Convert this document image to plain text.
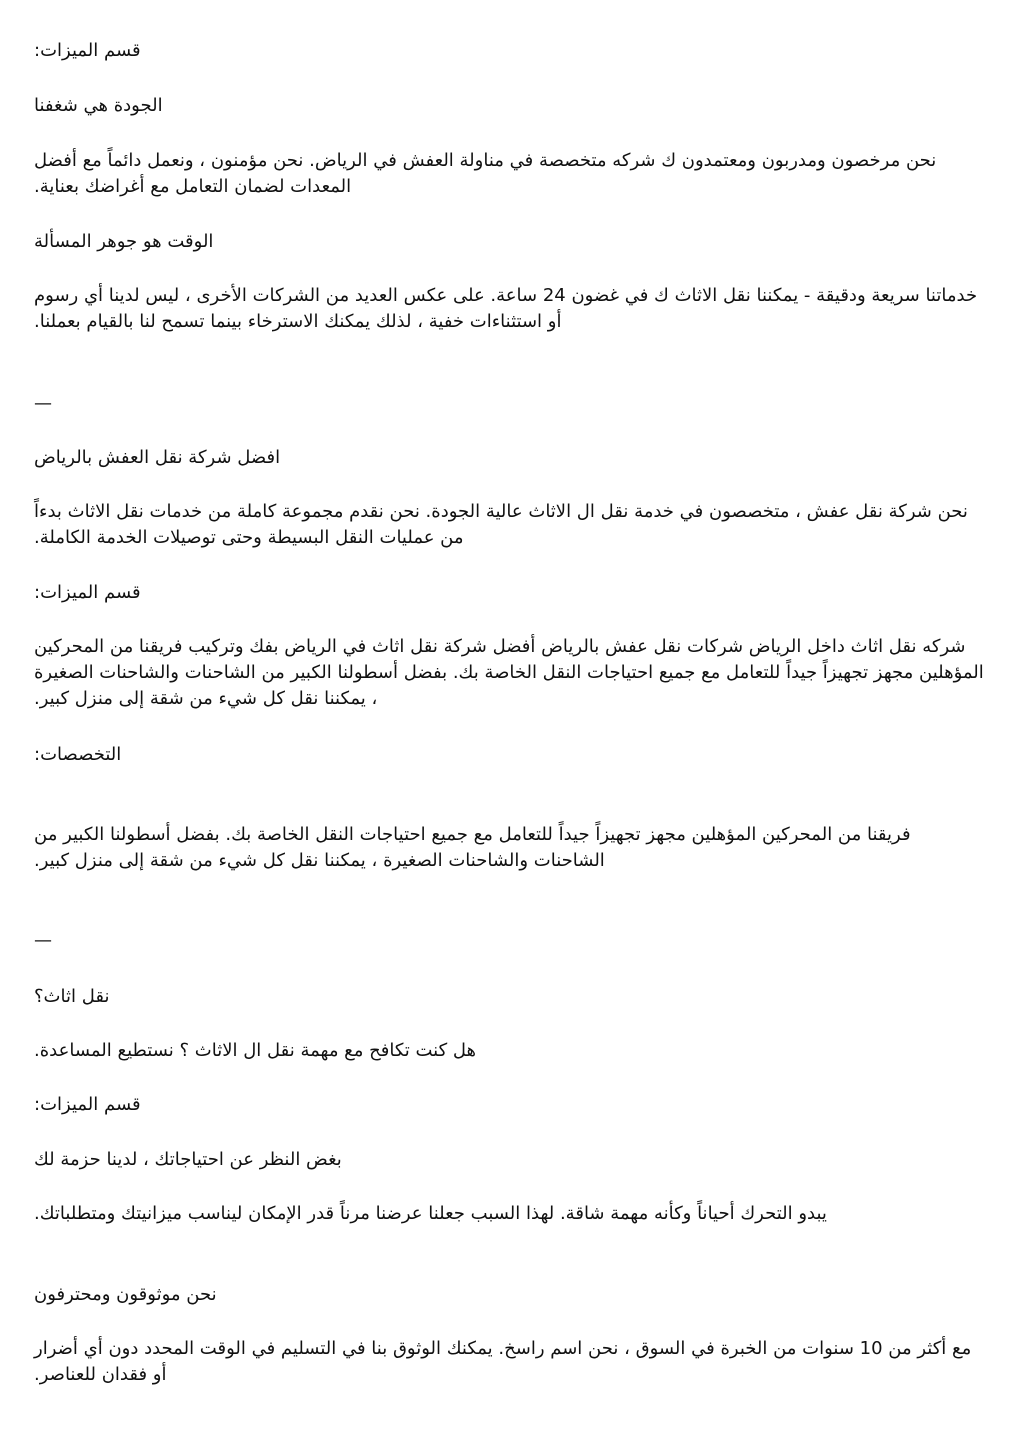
قسم الميزات:

الجودة هي شغفنا

نحن مرخصون ومدربون ومعتمدون ك شركه متخصصة في مناولة العفش في الرياض. نحن مؤمنون ، ونعمل دائماً مع أفضل المعدات لضمان التعامل مع أغراضك بعناية.

الوقت هو جوهر المسألة

خدماتنا سريعة ودقيقة - يمكننا نقل الاثاث ك في غضون 24 ساعة. على عكس العديد من الشركات الأخرى ، ليس لدينا أي رسوم أو استثناءات خفية ، لذلك يمكنك الاسترخاء بينما تسمح لنا بالقيام بعملنا.

—

افضل شركة نقل العفش بالرياض

نحن شركة نقل عفش ، متخصصون في خدمة نقل ال الاثاث عالية الجودة. نحن نقدم مجموعة كاملة من خدمات نقل الاثاث بدءاً من عمليات النقل البسيطة وحتى توصيلات الخدمة الكاملة.

قسم الميزات:

شركه نقل اثاث داخل الرياض شركات نقل عفش بالرياض أفضل شركة نقل اثاث في الرياض بفك وتركيب فريقنا من المحركين المؤهلين مجهز تجهيزاً جيداً للتعامل مع جميع احتياجات النقل الخاصة بك. بفضل أسطولنا الكبير من الشاحنات والشاحنات الصغيرة ، يمكننا نقل كل شيء من شقة إلى منزل كبير.

التخصصات:

فريقنا من المحركين المؤهلين مجهز تجهيزاً جيداً للتعامل مع جميع احتياجات النقل الخاصة بك. بفضل أسطولنا الكبير من الشاحنات والشاحنات الصغيرة ، يمكننا نقل كل شيء من شقة إلى منزل كبير.

—

نقل اثاث؟

هل كنت تكافح مع مهمة نقل ال الاثاث ؟ نستطيع المساعدة.

قسم الميزات:

بغض النظر عن احتياجاتك ، لدينا حزمة لك

يبدو التحرك أحياناً وكأنه مهمة شاقة. لهذا السبب جعلنا عرضنا مرناً قدر الإمكان ليناسب ميزانيتك ومتطلباتك.

نحن موثوقون ومحترفون

مع أكثر من 10 سنوات من الخبرة في السوق ، نحن اسم راسخ. يمكنك الوثوق بنا في التسليم في الوقت المحدد دون أي أضرار أو فقدان للعناصر.
